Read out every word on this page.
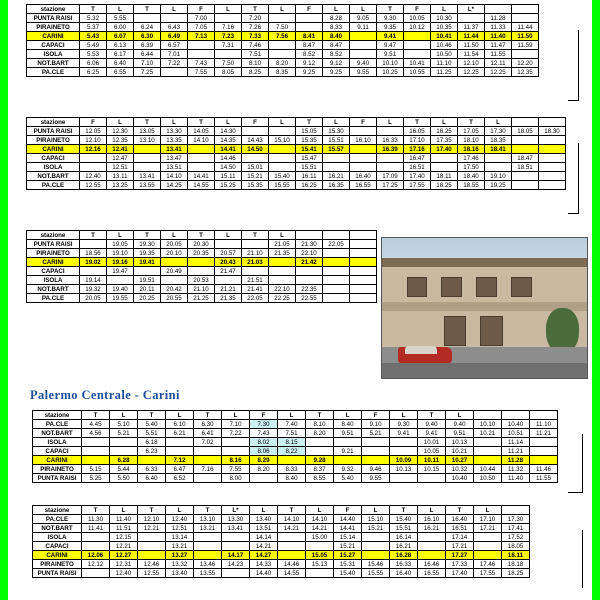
stazione	T	L	T	L	F	L	T	L	F	L	L	T	F	L	L*		
PUNTA RAISI	5.32	5.55			7.00		7.20			8.28	9.05	9.30	10.05	10.30		11.28	
PIRAINETO	5.37	6.00	6.24	6.43	7.05	7.16	7.26	7.50		8.33	9.11	9.35	10.12	10.35	11.37	11.33	11.44
CARINI	5.43	6.07	6.30	6.49	7.13	7.23	7.33	7.56	8.41	8.40		9.41		10.41	11.44	11.40	11.50
CAPACI	5.49	6.13	6.39	6.57		7.31	7.46		8.47	8.47		9.47		10.46	11.50	11.47	11.59
ISOLA	5.53	6.17	6.44	7.01			7.51		8.52	8.52		9.51		10.50	11.54	11.55	
NOT.BART	6.06	6.40	7.10	7.22	7.43	7.50	8.10	8.20	9.12	9.12	9.40	10.10	10.41	11.10	12.10	12.11	12.20
PA.CLE	6.25	6.55	7.25		7.55	8.05	8.25	8.35	9.25	9.25	9.55	10.25	10.55	11.25	12.25	12.25	12.35
stazione	F	L	T	L	T	L	F	L	T	L	F	L	T	L	T	L		
PUNTA RAISI	12.05	12.30	13.05	13.30	14.05	14.30			15.05	15.30			16.05	16.25	17.05	17.30	18.05	18.30
PIRAINETO	12.10	12.35	13.10	13.35	14.10	14.35	14.43	15.10	15.35	15.51	16.10	16.33	17.10	17.35	18.10	18.35		
CARINI	12.16	12.41		13.41		14.41	14.50		15.41	15.57		16.39	17.16	17.40	18.16	18.41		
CAPACI		12.47		13.47		14.46			15.47				16.47		17.46		18.47	
ISOLA		12.51		13.51		14.50	15.01		15.51				16.51		17.50		18.51	
NOT.BART	12.40	13.11	13.41	14.10	14.41	15.11	15.21	15.40	16.11	16.21	16.40	17.09	17.40	18.11	18.40	19.10		
PA.CLE	12.55	13.25	13.55	14.25	14.55	15.25	15.35	15.55	16.25	16.35	16.55	17.25	17.55	18.25	18.55	19.25		
stazione	T	L	T	L	T	L	T	L			
PUNTA RAISI		19.05	19.30	20.05	20.30			21.05	21.30	22.05	
PIRAINETO	18.56	19.10	19.35	20.10	20.35	20.57	21.10	21.35	22.10		
CARINI	19.02	19.16	19.41			20.43	21.03		21.42		
CAPACI		19.47		20.49		21.47					
ISOLA	19.14		19.51		20.53		21.51				
NOT.BART	19.32	19.40	20.11	20.42	21.10	21.21	21.41	22.10	22.35		
PA.CLE	20.05	19.55	20.25	20.55	21.25	21.35	22.05	22.25	22.55		
Palermo Centrale - Carini
stazione	T	L	T	L	T	L	F	L	T	L	F	L	T	L			
PA.CLE	4.45	5.10	5.40	6.10	6.30	7.10	7.30	7.40	8.10	8.40	9.10	9.30	9.40	9.40	10.10	10.40	11.10
NOT.BART	4.56	5.21	5.51	6.21	6.41	7.22	7.43	7.51	8.20	9.51	5.21	9.41	9.41	9.51	10.21	10.51	11.21
ISOLA			6.18		7.02		8.02	8.15					10.01	10.13		11.14	
CAPACI			6.23				8.06	8.22		9.21			10.05	10.21		11.21	
CARINI		6.28		7.12		8.16	8.29		9.28			10.09	10.11	10.27		11.28	
PIRAINETO	5.15	5.44	6.33	6.47	7.16	7.55	8.20	8.33	8.37	9.32	9.46	10.13	10.15	10.32	10.44	11.32	11.46
PUNTA RAISI	5.25	5.50	6.40	6.52		8.00		8.40	8.55	5.40	9.55			10.40	10.50	11.40	11.55
stazione	T	L	T	L	T	L*	L	T	L	F	L	T	L	T	L	
PA.CLE	11.30	11.40	12.10	12.40	13.10	13.30	13.40	14.10	14.10	14.40	15.10	15.40	16.10	16.40	17.10	17.30
NOT.BART	11.41	11.51	12.21	12.51	13.21	13.41	13.51	14.21	14.21	14.41	15.21	15.51	16.21	16.51	17.21	17.41
ISOLA		12.15		13.14			14.14		15.00	15.14		16.14		17.14		17.52
CAPACI		12.21		13.21			14.21			15.21		16.21		17.21		18.05
CARINI	12.06	12.27		13.27		14.17	14.27		15.05	15.27		16.28		17.27		18.11
PIRAINETO	12.12	12.31	12.46	13.32	13.46	14.23	14.33	14.46	15.13	15.31	15.46	16.33	16.46	17.33	17.46	18.18
PUNTA RAISI		12.40	12.55	13.40	13.55		14.40	14.55		15.40	15.55	16.40	16.55	17.40	17.55	18.25
